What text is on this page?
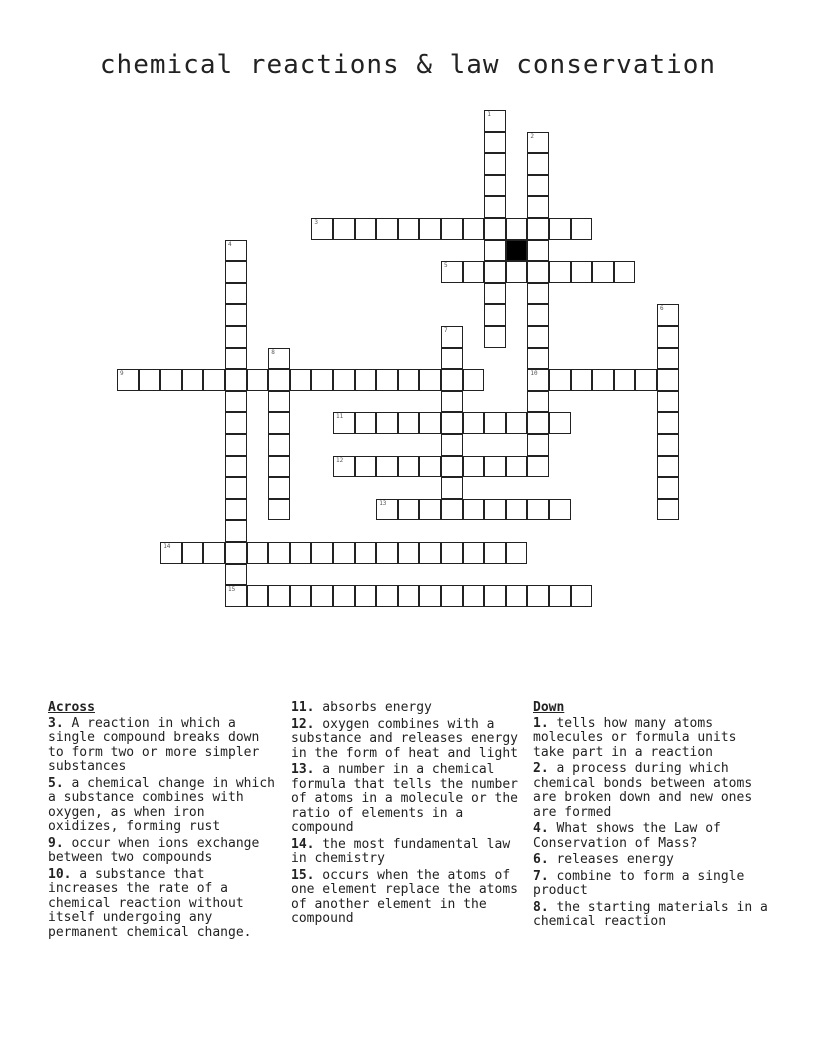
chemical reactions & law conservation
1
2
10
3
4
15
5
6
7
8
9
11
12
13
14
Across
3. A reaction in which a single compound breaks down to form two or more simpler substances
5. a chemical change in which a substance combines with oxygen, as when iron oxidizes, forming rust
9. occur when ions exchange between two compounds
10. a substance that increases the rate of a chemical reaction without itself undergoing any permanent chemical change.
11. absorbs energy
12. oxygen combines with a substance and releases energy in the form of heat and light
13. a number in a chemical formula that tells the number of atoms in a molecule or the ratio of elements in a compound
14. the most fundamental law in chemistry
15. occurs when the atoms of one element replace the atoms of another element in the compound
Down
1. tells how many atoms molecules or formula units take part in a reaction
2. a process during which chemical bonds between atoms are broken down and new ones are formed
4. What shows the Law of Conservation of Mass?
6. releases energy
7. combine to form a single product
8. the starting materials in a chemical reaction
